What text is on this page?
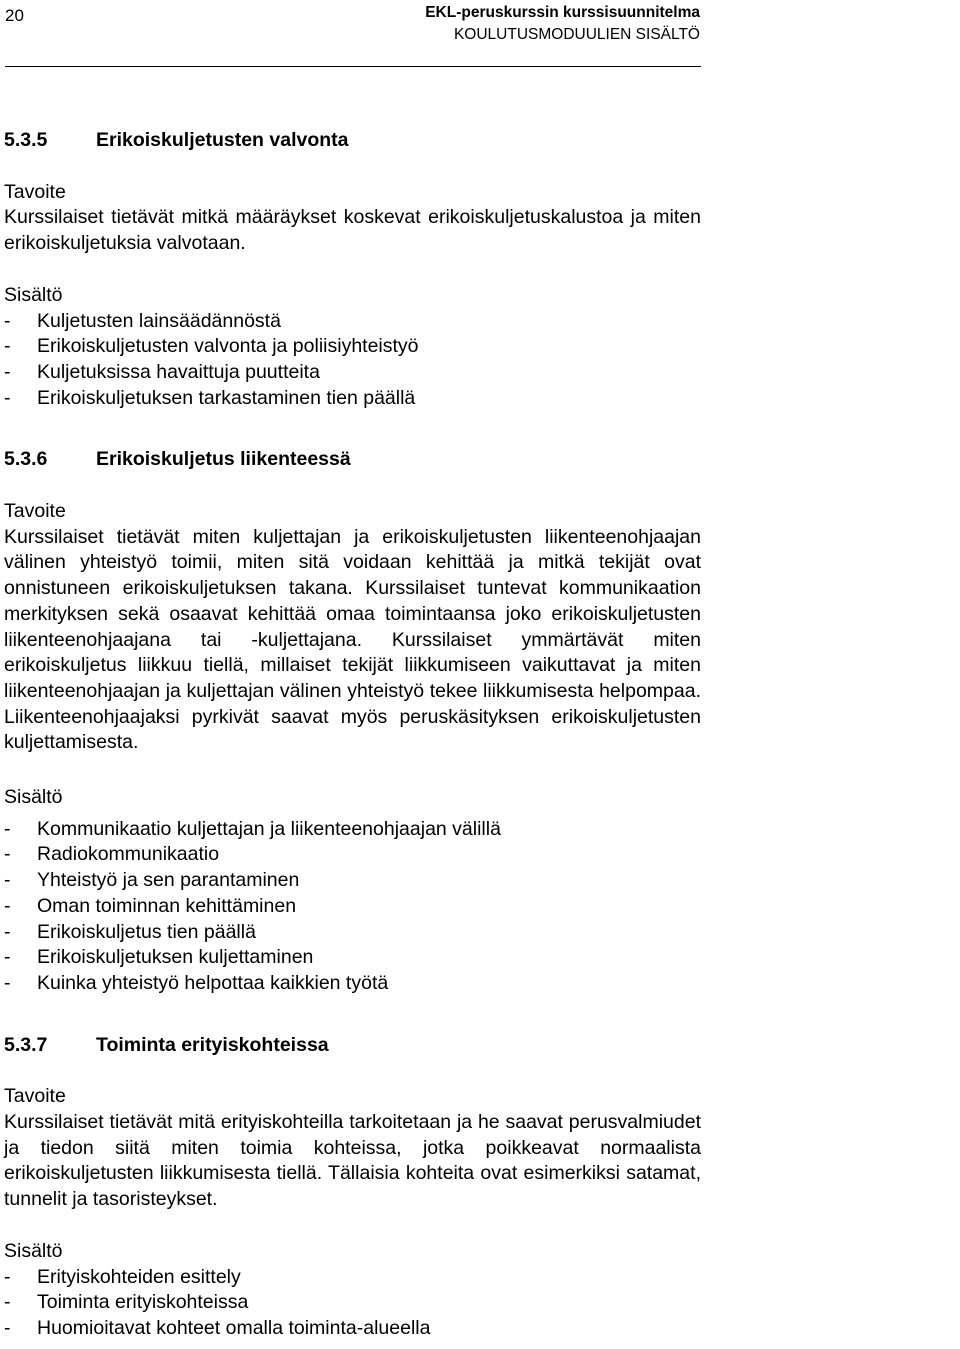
20	EKL-peruskurssin kurssisuunnitelma
KOULUTUSMODUULIEN SISÄLTÖ
5.3.5 Erikoiskuljetusten valvonta
Tavoite
Kurssilaiset tietävät mitkä määräykset koskevat erikoiskuljetuskalustoa ja miten erikoiskuljetuksia valvotaan.
Sisältö
-	Kuljetusten lainsäädännöstä
-	Erikoiskuljetusten valvonta ja poliisiyhteistyö
-	Kuljetuksissa havaittuja puutteita
-	Erikoiskuljetuksen tarkastaminen tien päällä
5.3.6 Erikoiskuljetus liikenteessä
Tavoite
Kurssilaiset tietävät miten kuljettajan ja erikoiskuljetusten liikenteenohjaajan välinen yhteistyö toimii, miten sitä voidaan kehittää ja mitkä tekijät ovat onnistuneen erikoiskuljetuksen takana. Kurssilaiset tuntevat kommunikaation merkityksen sekä osaavat kehittää omaa toimintaansa joko erikoiskuljetusten liikenteenohjaajana tai -kuljettajana. Kurssilaiset ymmärtävät miten erikoiskuljetus liikkuu tiellä, millaiset tekijät liikkumiseen vaikuttavat ja miten liikenteenohjaajan ja kuljettajan välinen yhteistyö tekee liikkumisesta helpompaa. Liikenteenohjaajaksi pyrkivät saavat myös peruskäsityksen erikoiskuljetusten kuljettamisesta.
Sisältö
-	Kommunikaatio kuljettajan ja liikenteenohjaajan välillä
-	Radiokommunikaatio
-	Yhteistyö ja sen parantaminen
-	Oman toiminnan kehittäminen
-	Erikoiskuljetus tien päällä
-	Erikoiskuljetuksen kuljettaminen
-	Kuinka yhteistyö helpottaa kaikkien työtä
5.3.7 Toiminta erityiskohteissa
Tavoite
Kurssilaiset tietävät mitä erityiskohteilla tarkoitetaan ja he saavat perusvalmiudet ja tiedon siitä miten toimia kohteissa, jotka poikkeavat normaalista erikoiskuljetusten liikkumisesta tiellä. Tällaisia kohteita ovat esimerkiksi satamat, tunnelit ja tasoristeykset.
Sisältö
-	Erityiskohteiden esittely
-	Toiminta erityiskohteissa
-	Huomioitavat kohteet omalla toiminta-alueella
